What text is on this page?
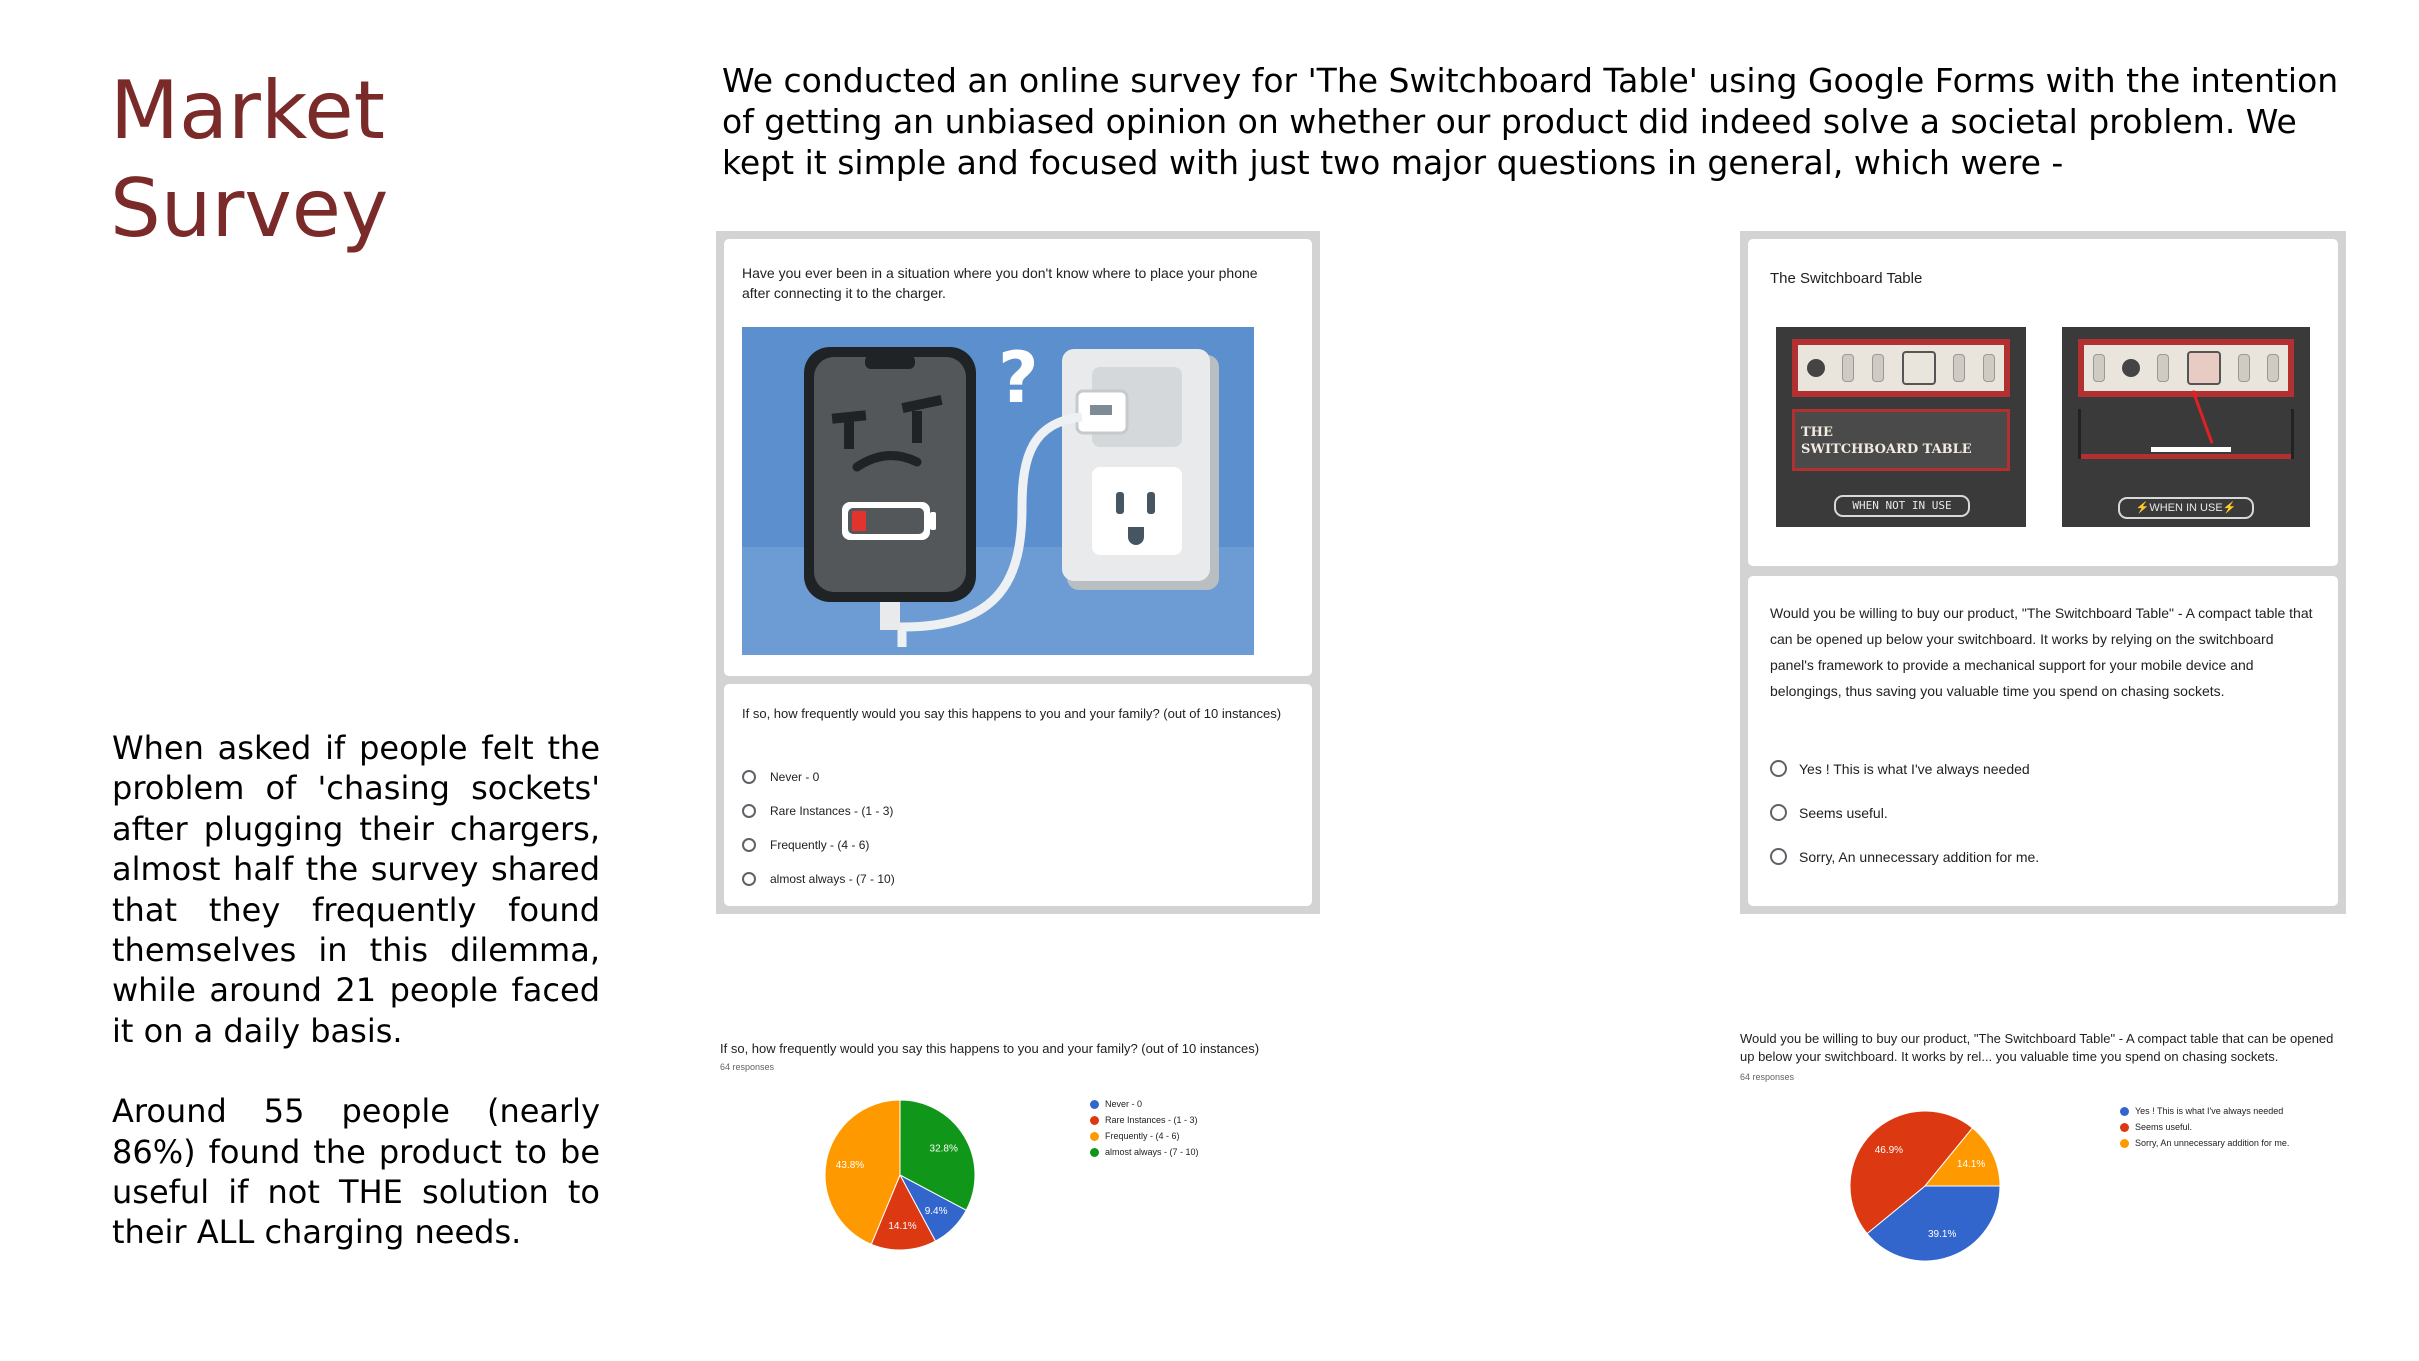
Market
Survey

We conducted an online survey for 'The Switchboard Table' using Google Forms with the intention of getting an unbiased opinion on whether our product did indeed solve a societal problem. We kept it simple and focused with just two major questions in general, which were -

When asked if people felt the problem of 'chasing sockets' after plugging their chargers, almost half the survey shared that they frequently found themselves in this dilemma, while around 21 people faced it on a daily basis.

Around 55 people (nearly 86%) found the product to be useful if not THE solution to their ALL charging needs.

Have you ever been in a situation where you don't know where to place your phone after connecting it to the charger.
?
If so, how frequently would you say this happens to you and your family? (out of 10 instances)
Never - 0
Rare Instances - (1 - 3)
Frequently - (4 - 6)
almost always - (7 - 10)
The Switchboard Table
THE
SWITCHBOARD TABLE
WHEN NOT IN USE	⚡WHEN IN USE⚡
Would you be willing to buy our product, "The Switchboard Table" - A compact table that can be opened up below your switchboard. It works by relying on the switchboard panel's framework to provide a mechanical support for your mobile device and belongings, thus saving you valuable time you spend on chasing sockets.
Yes ! This is what I've always needed
Seems useful.
Sorry, An unnecessary addition for me.
If so, how frequently would you say this happens to you and your family? (out of 10 instances)
64 responses
9.4%
14.1%
43.8%
32.8%
Never - 0
Rare Instances - (1 - 3)
Frequently - (4 - 6)
almost always - (7 - 10)
Would you be willing to buy our product, "The Switchboard Table" - A compact table that can be opened up below your switchboard. It works by rel... you valuable time you spend on chasing sockets.
64 responses
39.1%
46.9%
14.1%
Yes ! This is what I've always needed
Seems useful.
Sorry, An unnecessary addition for me.
